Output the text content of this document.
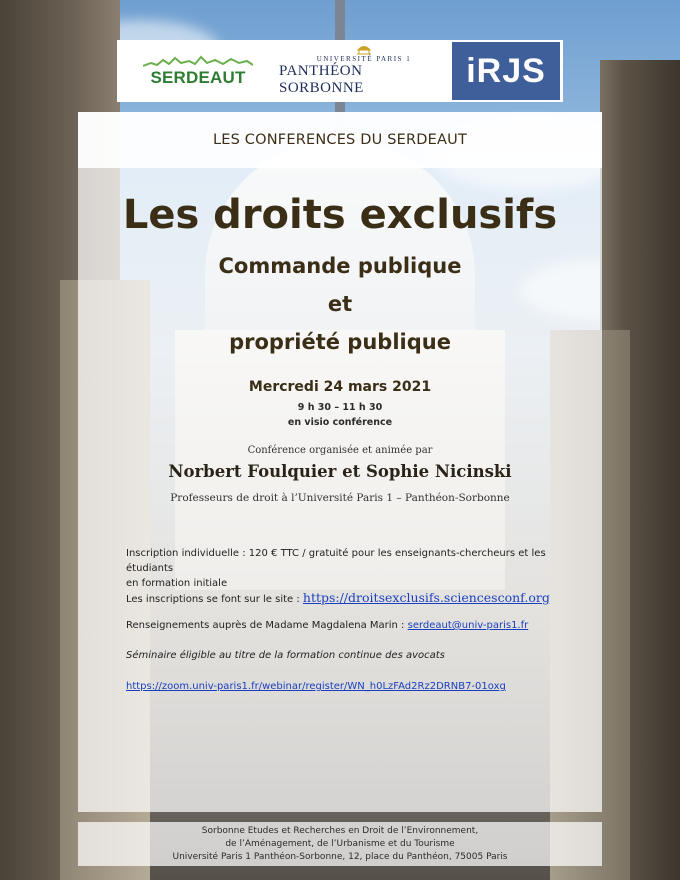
SERDEAUT
UNIVERSITÉ PARIS 1
PANTHÉON SORBONNE	iRJS
LES CONFERENCES DU SERDEAUT
Les droits exclusifs

Commande publique

et

propriété publique

Mercredi 24 mars 2021
9 h 30 – 11 h 30
en visio conférence
Conférence organisée et animée par
Norbert Foulquier et Sophie Nicinski
Professeurs de droit à l’Université Paris 1 – Panthéon-Sorbonne
Inscription individuelle : 120 € TTC / gratuité pour les enseignants-chercheurs et les étudiants
en formation initiale
Les inscriptions se font sur le site : https://droitsexclusifs.sciencesconf.org
Renseignements auprès de Madame Magdalena Marin : serdeaut@univ-paris1.fr
Séminaire éligible au titre de la formation continue des avocats
https://zoom.univ-paris1.fr/webinar/register/WN_h0LzFAd2Rz2DRNB7-01oxg
Sorbonne Etudes et Recherches en Droit de l’Environnement,
de l’Aménagement, de l’Urbanisme et du Tourisme
Université Paris 1 Panthéon-Sorbonne, 12, place du Panthéon, 75005 Paris
